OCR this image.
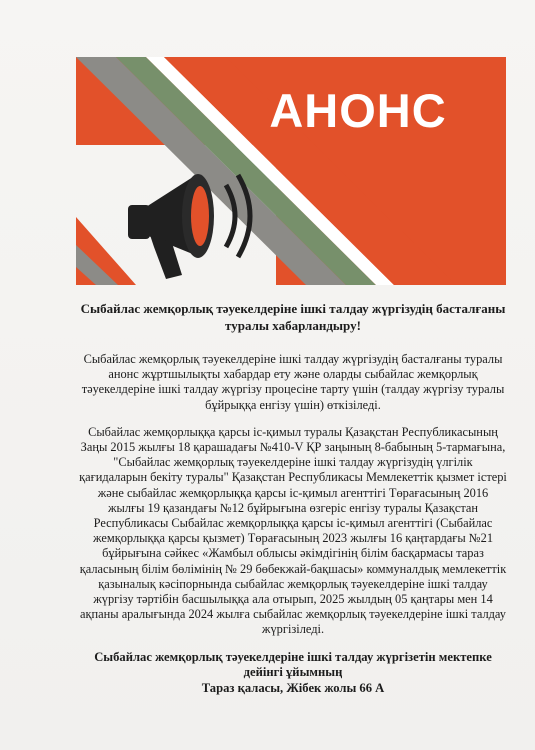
АНОНС

Сыбайлас жемқорлық тәуекелдеріне ішкі талдау жүргізудің басталғаны туралы хабарландыру!

Сыбайлас жемқорлық тәуекелдеріне ішкі талдау жүргізудің басталғаны туралы анонс жұртшылықты хабардар ету және оларды сыбайлас жемқорлық тәуекелдеріне ішкі талдау жүргізу процесіне тарту үшін (талдау жүргізу туралы бұйрыққа енгізу үшін) өткізіледі.

Сыбайлас жемқорлыққа қарсы іс-қимыл туралы Қазақстан Республикасының Заңы 2015 жылғы 18 қарашадағы №410-V ҚР заңының 8-бабының 5-тармағына, "Сыбайлас жемқорлық тәуекелдеріне ішкі талдау жүргізудің үлгілік қағидаларын бекіту туралы" Қазақстан Республикасы Мемлекеттік қызмет істері және сыбайлас жемқорлыққа қарсы іс-қимыл агенттігі Төрағасының 2016 жылғы 19 қазандағы №12 бұйрығына өзгеріс енгізу туралы Қазақстан Республикасы Сыбайлас жемқорлыққа қарсы іс-қимыл агенттігі (Сыбайлас жемқорлыққа қарсы қызмет) Төрағасының 2023 жылғы 16 қаңтардағы №21 бұйрығына сәйкес «Жамбыл облысы әкімдігінің білім басқармасы тараз қаласының білім бөлімінің № 29 бөбекжай-бақшасы» коммуналдық мемлекеттік қазыналық кәсіпорнында сыбайлас жемқорлық тәуекелдеріне ішкі талдау жүргізу тәртібін басшылыққа ала отырып, 2025 жылдың 05 қаңтары мен 14 ақпаны аралығында 2024 жылға сыбайлас жемқорлық тәуекелдеріне ішкі талдау жүргізіледі.

Сыбайлас жемқорлық тәуекелдеріне ішкі талдау жүргізетін мектепке дейінгі ұйымның

Тараз қаласы, Жібек жолы 66 А
